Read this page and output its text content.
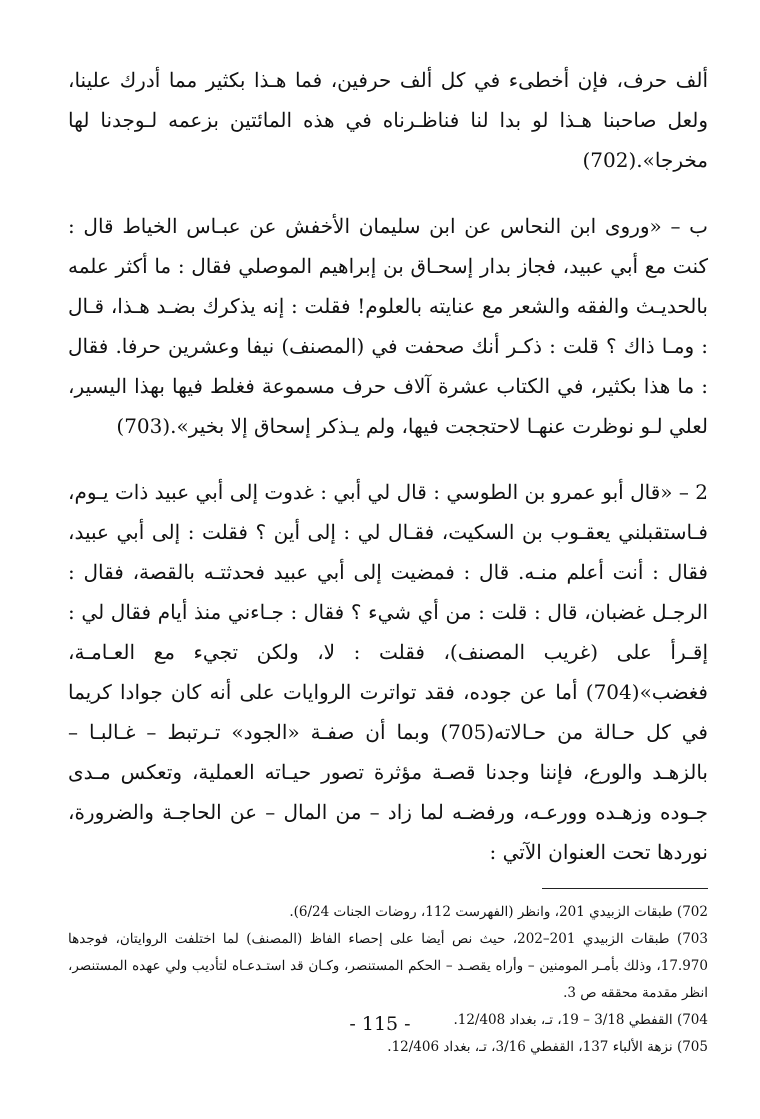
ألف حرف، فإن أخطىء في كل ألف حرفين، فما هـذا بكثير مما أدرك علينا، ولعل صاحبنا هـذا لو بدا لنا فناظـرناه في هذه المائتين بزعمه لـوجدنا لها مخرجا».(702)

ب – «وروى ابن النحاس عن ابن سليمان الأخفش عن عبـاس الخياط قال : كنت مع أبي عبيد، فجاز بدار إسحـاق بن إبراهيم الموصلي فقال : ما أكثر علمه بالحديـث والفقه والشعر مع عنايته بالعلوم! فقلت : إنه يذكرك بضـد هـذا، قـال : ومـا ذاك ؟ قلت : ذكـر أنك صحفت في (المصنف) نيفا وعشرين حرفا. فقال : ما هذا بكثير، في الكتاب عشرة آلاف حرف مسموعة فغلط فيها بهذا اليسير، لعلي لـو نوظرت عنهـا لاحتججت فيها، ولم يـذكر إسحاق إلا بخير».(703)

2 – «قال أبو عمرو بن الطوسي : قال لي أبي : غدوت إلى أبي عبيد ذات يـوم، فـاستقبلني يعقـوب بن السكيت، فقـال لي : إلى أين ؟ فقلت : إلى أبي عبيد، فقال : أنت أعلم منـه. قال : فمضيت إلى أبي عبيد فحدثتـه بالقصة، فقال : الرجـل غضبان، قال : قلت : من أي شيء ؟ فقال : جـاءني منذ أيام فقال لي : إقـرأ على (غريب المصنف)، فقلت : لا، ولكن تجيء مع العـامـة، فغضب»(704) أما عن جوده، فقد تواترت الروايات على أنه كان جوادا كريما في كل حـالة من حـالاته(705) وبما أن صفـة «الجود» تـرتبط – غـالبـا – بالزهـد والورع، فإننا وجدنا قصـة مؤثرة تصور حيـاته العملية، وتعكس مـدى جـوده وزهـده وورعـه، ورفضـه لما زاد – من المال – عن الحاجـة والضرورة، نوردها تحت العنوان الآتي :

702) طبقات الزبيدي 201، وانظر (الفهرست 112، روضات الجنات 6/24).

703) طبقات الزبيدي 201–202، حيث نص أيضا على إحصاء الفاظ (المصنف) لما اختلفت الروايتان، فوجدها 17.970، وذلك بأمـر المومنين – وأراه يقصـد – الحكم المستنصر، وكـان قد استـدعـاه لتأديب ولي عهده المستنصر، انظر مقدمة محققه ص 3.

704) القفطي 3/18 – 19، تـ، بغداد 12/408.

705) نزهة الألباء 137، القفطي 3/16، تـ، بغداد 12/406.

- 115 -
